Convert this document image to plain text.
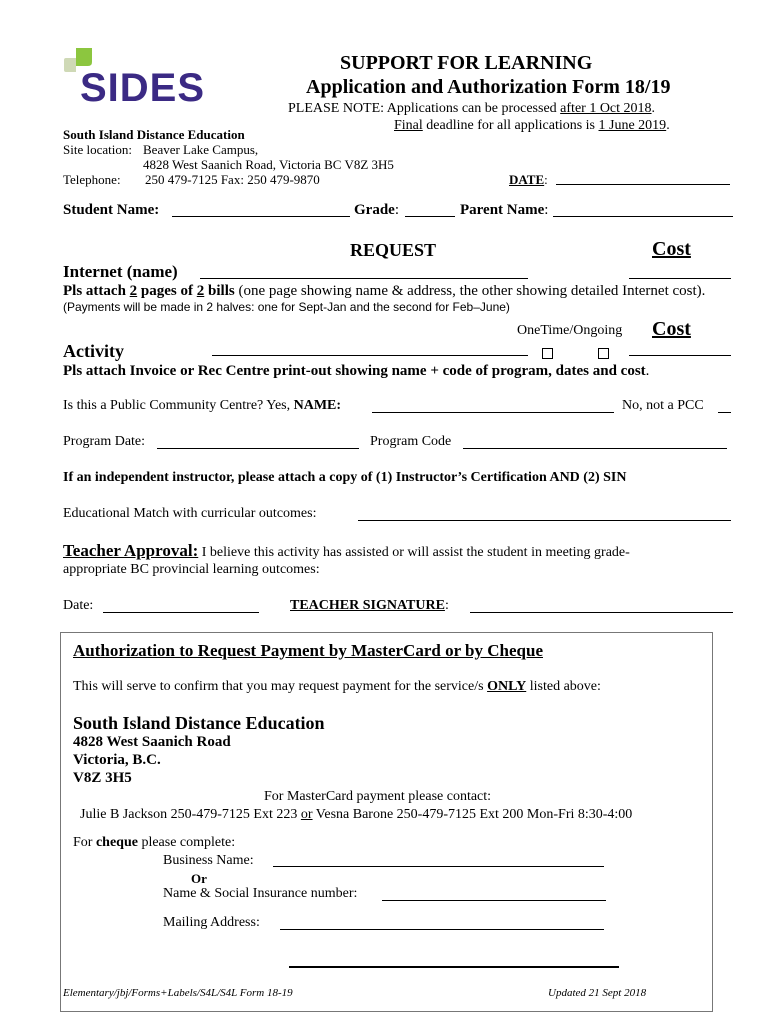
SIDES
SUPPORT FOR LEARNING
Application and Authorization Form 18/19
PLEASE NOTE: Applications can be processed after 1 Oct 2018.
Final deadline for all applications is 1 June 2019.
South Island Distance Education
Site location: Beaver Lake Campus,
4828 West Saanich Road, Victoria BC V8Z 3H5
Telephone: 250 479-7125 Fax: 250 479-9870	DATE:
Student Name:	Grade:	Parent Name:
REQUEST	Cost
Internet (name)
Pls attach 2 pages of 2 bills (one page showing name & address, the other showing detailed Internet cost).
(Payments will be made in 2 halves: one for Sept-Jan and the second for Feb–June)
OneTime/Ongoing Cost
Activity
Pls attach Invoice or Rec Centre print-out showing name + code of program, dates and cost.
Is this a Public Community Centre? Yes, NAME:	No, not a PCC
Program Date:	Program Code
If an independent instructor, please attach a copy of (1) Instructor’s Certification AND (2) SIN
Educational Match with curricular outcomes:
Teacher Approval: I believe this activity has assisted or will assist the student in meeting grade-
appropriate BC provincial learning outcomes:
Date:	TEACHER SIGNATURE:
Authorization to Request Payment by MasterCard or by Cheque
This will serve to confirm that you may request payment for the service/s ONLY listed above:
South Island Distance Education
4828 West Saanich Road
Victoria, B.C.
V8Z 3H5
For MasterCard payment please contact:
Julie B Jackson 250-479-7125 Ext 223 or Vesna Barone 250-479-7125 Ext 200 Mon-Fri 8:30-4:00
For cheque please complete:
Business Name:
Or
Name & Social Insurance number:
Mailing Address:
Elementary/jbj/Forms+Labels/S4L/S4L Form 18-19	Updated 21 Sept 2018
